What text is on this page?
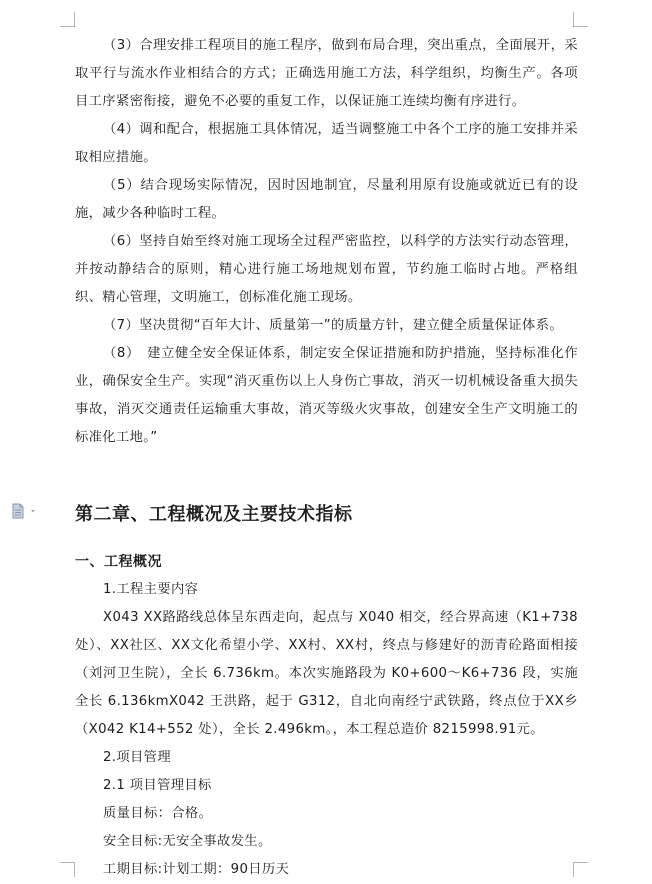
（3）合理安排工程项目的施工程序，做到布局合理，突出重点，全面展开，采取平行与流水作业相结合的方式；正确选用施工方法，科学组织，均衡生产。各项目工序紧密衔接，避免不必要的重复工作，以保证施工连续均衡有序进行。

（4）调和配合，根据施工具体情况，适当调整施工中各个工序的施工安排并采取相应措施。

（5）结合现场实际情况，因时因地制宜，尽量利用原有设施或就近已有的设施，减少各种临时工程。

（6）坚持自始至终对施工现场全过程严密监控，以科学的方法实行动态管理，并按动静结合的原则，精心进行施工场地规划布置，节约施工临时占地。严格组织、精心管理，文明施工，创标准化施工现场。

（7）坚决贯彻“百年大计、质量第一”的质量方针，建立健全质量保证体系。

（8）　建立健全安全保证体系，制定安全保证措施和防护措施，坚持标准化作业，确保安全生产。实现“消灭重伤以上人身伤亡事故，消灭一切机械设备重大损失事故，消灭交通责任运输重大事故，消灭等级火灾事故，创建安全生产文明施工的标准化工地。”

第二章、工程概况及主要技术指标

一、工程概况

1.工程主要内容

X043 XX路路线总体呈东西走向，起点与 X040 相交，经合界高速（K1+738处）、XX社区、XX文化希望小学、XX村、XX村，终点与修建好的沥青砼路面相接（刘河卫生院），全长 6.736km。本次实施路段为 K0+600～K6+736 段，实施全长 6.136kmX042 王洪路，起于 G312，自北向南经宁武铁路，终点位于XX乡（X042 K14+552 处），全长 2.496km。，本工程总造价 8215998.91元。

2.项目管理

2.1 项目管理目标

质量目标：合格。

安全目标:无安全事故发生。

工期目标:计划工期：90日历天
